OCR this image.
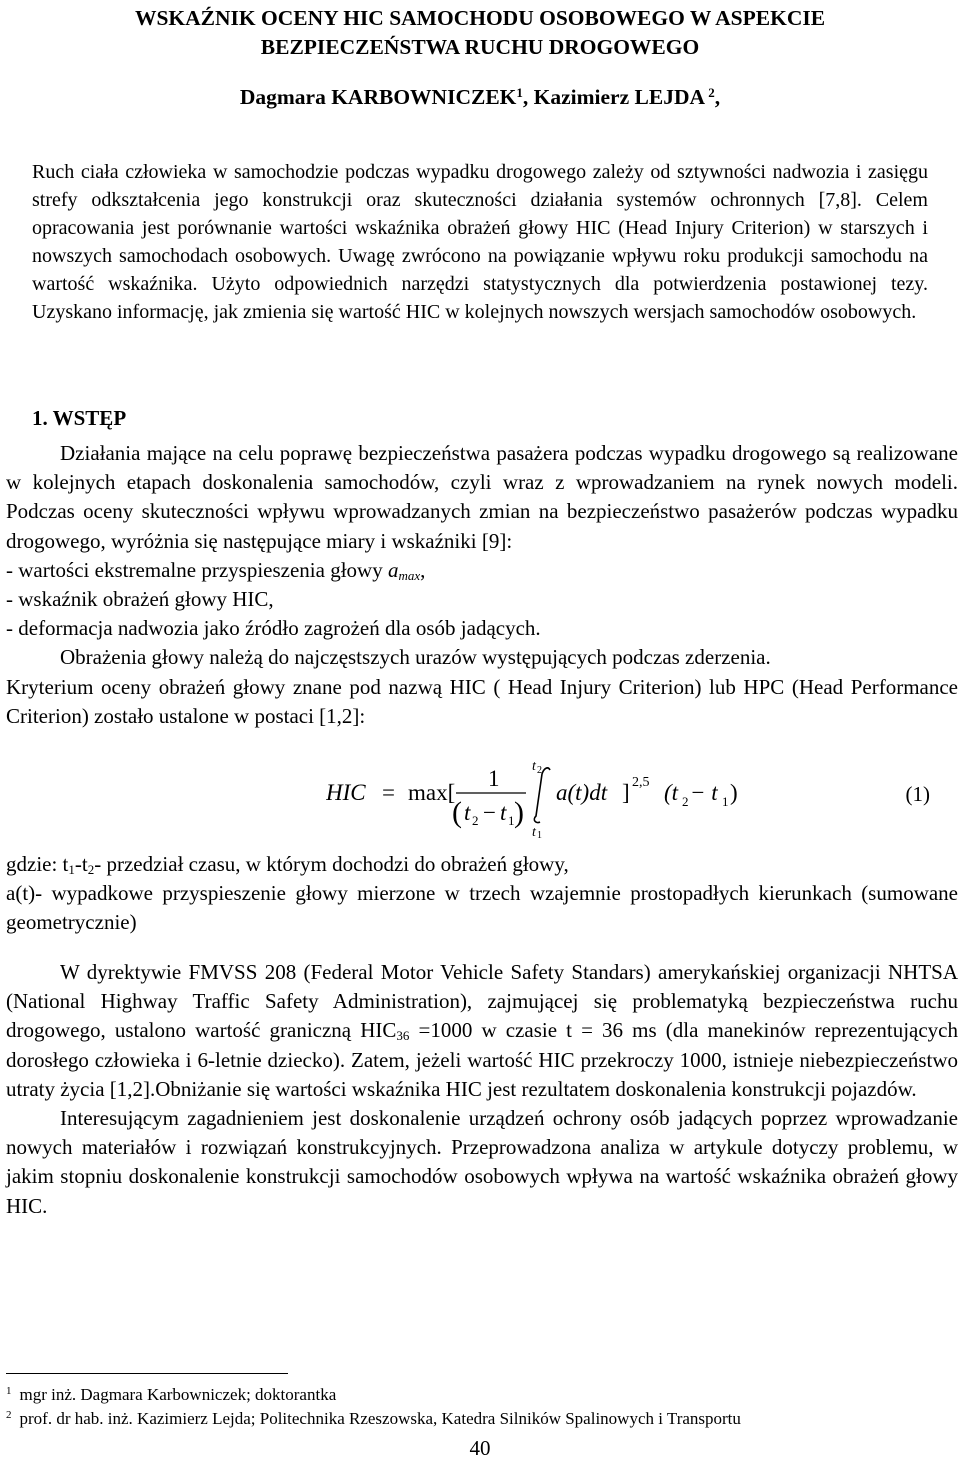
WSKAŹNIK OCENY HIC SAMOCHODU OSOBOWEGO W ASPEKCIE
BEZPIECZEŃSTWA RUCHU DROGOWEGO

Dagmara KARBOWNICZEK$^1$, Kazimierz LEJDA $^2$,

Ruch ciała człowieka w samochodzie podczas wypadku drogowego zależy od sztywności nadwozia i zasięgu strefy odkształcenia jego konstrukcji oraz skuteczności działania systemów ochronnych [7,8]. Celem opracowania jest porównanie wartości wskaźnika obrażeń głowy HIC (Head Injury Criterion) w starszych i nowszych samochodach osobowych. Uwagę zwrócono na powiązanie wpływu roku produkcji samochodu na wartość wskaźnika. Użyto odpowiednich narzędzi statystycznych dla potwierdzenia postawionej tezy. Uzyskano informację, jak zmienia się wartość HIC w kolejnych nowszych wersjach samochodów osobowych.

1. WSTĘP
Działania mające na celu poprawę bezpieczeństwa pasażera podczas wypadku drogowego są realizowane w kolejnych etapach doskonalenia samochodów, czyli wraz z wprowadzaniem na rynek nowych modeli. Podczas oceny skuteczności wpływu wprowadzanych zmian na bezpieczeństwo pasażerów podczas wypadku drogowego, wyróżnia się następujące miary i wskaźniki [9]:
- wartości ekstremalne przyspieszenia głowy $a_{max}$,
- wskaźnik obrażeń głowy HIC,
- deformacja nadwozia jako źródło zagrożeń dla osób jadących.
Obrażenia głowy należą do najczęstszych urazów występujących podczas zderzenia.
Kryterium oceny obrażeń głowy znane pod nazwą HIC ( Head Injury Criterion) lub HPC (Head Performance Criterion) zostało ustalone w postaci [1,2]:
HIC = max[
1
( t 2 − t 1 )
t 2
t 1
a(t)dt ] 2,5 (t 2 − t 1 )	(1)
gdzie: $t_1-t_2-$ przedział czasu, w którym dochodzi do obrażeń głowy,
a(t)- wypadkowe przyspieszenie głowy mierzone w trzech wzajemnie prostopadłych kierunkach (sumowane geometrycznie)
W dyrektywie FMVSS 208 (Federal Motor Vehicle Safety Standars) amerykańskiej organizacji NHTSA (National Highway Traffic Safety Administration), zajmującej się problematyką bezpieczeństwa ruchu drogowego, ustalono wartość graniczną $HIC_{36} =1000$ w czasie t = 36 ms (dla manekinów reprezentujących dorosłego człowieka i 6-letnie dziecko). Zatem, jeżeli wartość HIC przekroczy 1000, istnieje niebezpieczeństwo utraty życia [1,2].Obniżanie się wartości wskaźnika HIC jest rezultatem doskonalenia konstrukcji pojazdów.
Interesującym zagadnieniem jest doskonalenie urządzeń ochrony osób jadących poprzez wprowadzanie nowych materiałów i rozwiązań konstrukcyjnych. Przeprowadzona analiza w artykule dotyczy problemu, w jakim stopniu doskonalenie konstrukcji samochodów osobowych wpływa na wartość wskaźnika obrażeń głowy HIC.
$^1$ mgr inż. Dagmara Karbowniczek; doktorantka
$^2$ prof. dr hab. inż. Kazimierz Lejda; Politechnika Rzeszowska, Katedra Silników Spalinowych i Transportu
40
